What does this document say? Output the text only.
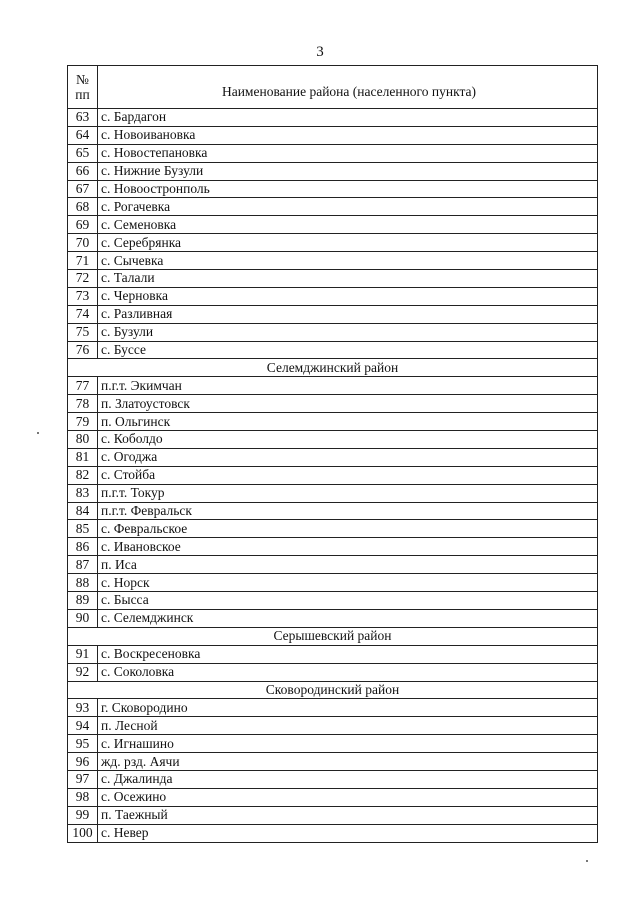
3
№
пп	Наименование района (населенного пункта)
63	с. Бардагон
64	с. Новоивановка
65	с. Новостепановка
66	с. Нижние Бузули
67	с. Новоостронполь
68	с. Рогачевка
69	с. Семеновка
70	с. Серебрянка
71	с. Сычевка
72	с. Талали
73	с. Черновка
74	с. Разливная
75	с. Бузули
76	с. Буссе
Селемджинский район	
77	п.г.т. Экимчан
78	п. Златоустовск
79	п. Ольгинск
80	с. Коболдо
81	с. Огоджа
82	с. Стойба
83	п.г.т. Токур
84	п.г.т. Февральск
85	с. Февральское
86	с. Ивановское
87	п. Иса
88	с. Норск
89	с. Бысса
90	с. Селемджинск
Серышевский район	
91	с. Воскресеновка
92	с. Соколовка
Сковородинский район	
93	г. Сковородино
94	п. Лесной
95	с. Игнашино
96	жд. рзд. Аячи
97	с. Джалинда
98	с. Осежино
99	п. Таежный
100	с. Невер
